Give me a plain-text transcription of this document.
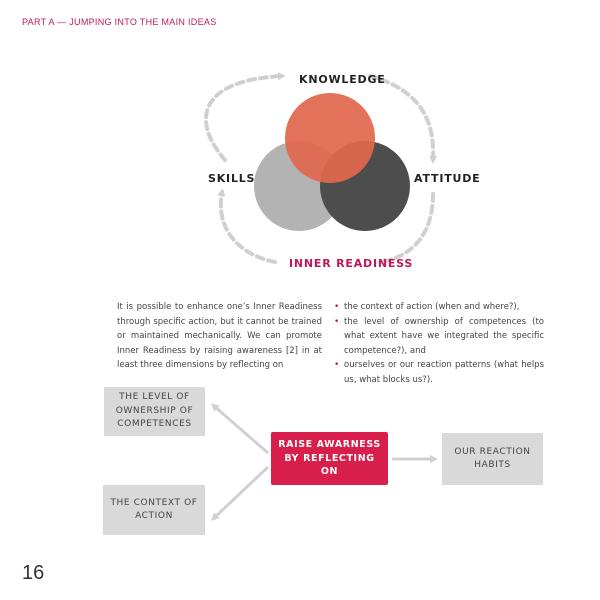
PART A — JUMPING INTO THE MAIN IDEAS
KNOWLEDGE
SKILLS	ATTITUDE
INNER READINESS

It is possible to enhance one’s Inner Readiness through specific action, but it cannot be trained or maintained mechanically. We can promote Inner Readiness by raising awareness [2] in at least three dimensions by reflecting on

• the context of action (when and where?),
• the level of ownership of competences (to what extent have we integrated the specific competence?), and
• ourselves or our reaction patterns (what helps us, what blocks us?).
THE LEVEL OF OWNERSHIP OF COMPETENCES
THE CONTEXT OF ACTION
RAISE AWARNESS BY REFLECTING ON
OUR REACTION HABITS
16
